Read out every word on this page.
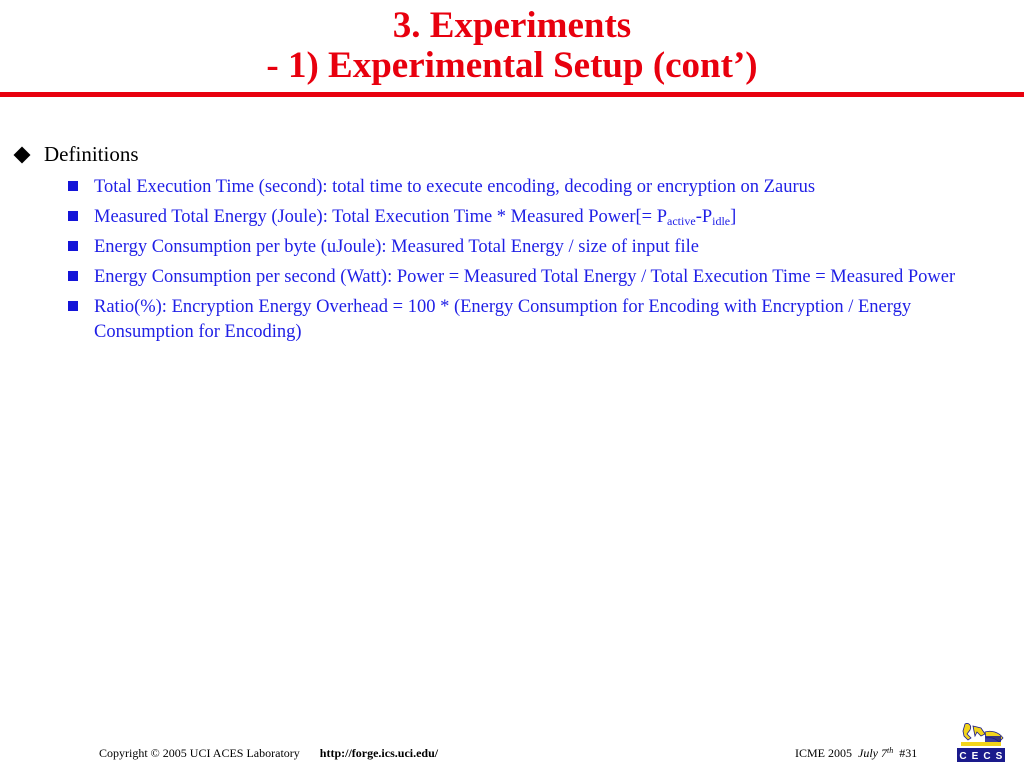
3. Experiments
- 1) Experimental Setup (cont’)
Definitions
Total Execution Time (second): total time to execute encoding, decoding or encryption on Zaurus
Measured Total Energy (Joule): Total Execution Time * Measured Power[= $P_{active}-P_{idle}$]
Energy Consumption per byte (uJoule): Measured Total Energy / size of input file
Energy Consumption per second (Watt): Power = Measured Total Energy / Total Execution Time = Measured Power
Ratio(%): Encryption Energy Overhead = 100 * (Energy Consumption for Encoding with Encryption / Energy Consumption for Encoding)
Copyright © 2005 UCI ACES Laboratory http://forge.ics.uci.edu/	ICME 2005 July 7th #31	C E C S
